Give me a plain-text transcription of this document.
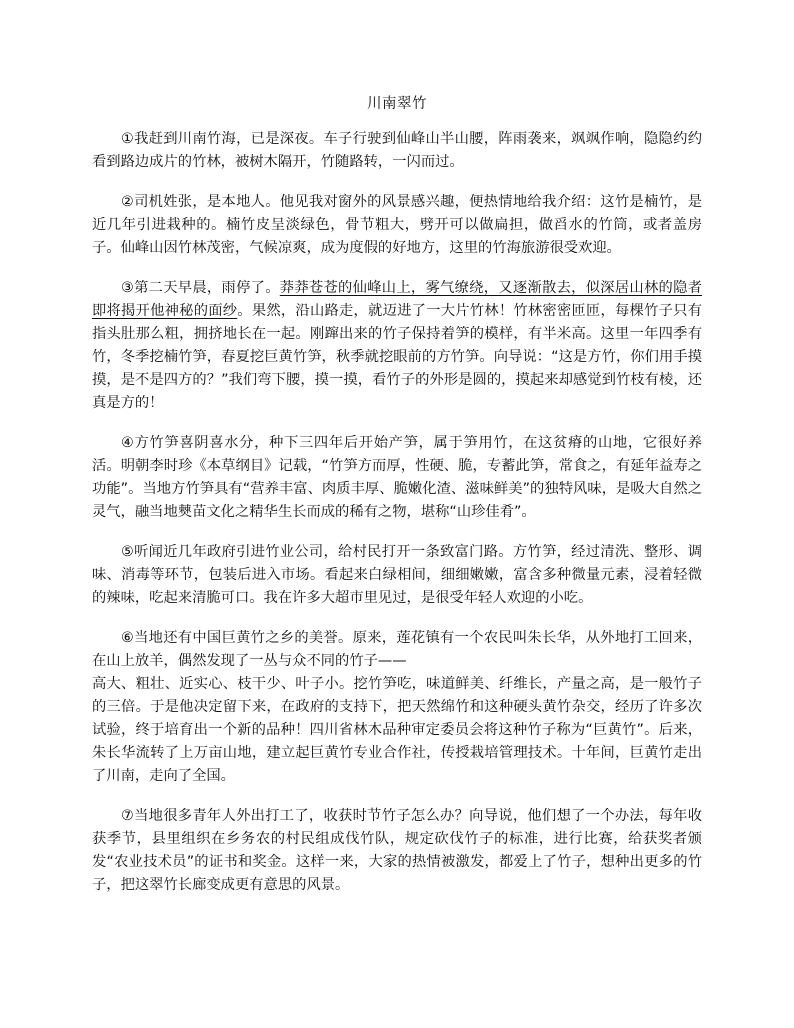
川南翠竹

①我赶到川南竹海，已是深夜。车子行驶到仙峰山半山腰，阵雨袭来，飒飒作响，隐隐约约看到路边成片的竹林，被树木隔开，竹随路转，一闪而过。

②司机姓张，是本地人。他见我对窗外的风景感兴趣，便热情地给我介绍：这竹是楠竹，是近几年引进栽种的。楠竹皮呈淡绿色，骨节粗大，劈开可以做扁担，做舀水的竹筒，或者盖房子。仙峰山因竹林茂密，气候凉爽，成为度假的好地方，这里的竹海旅游很受欢迎。

③第二天早晨，雨停了。莽莽苍苍的仙峰山上，雾气缭绕，又逐渐散去，似深居山林的隐者即将揭开他神秘的面纱。果然，沿山路走，就迈进了一大片竹林！竹林密密匝匝，每棵竹子只有指头肚那么粗，拥挤地长在一起。刚蹿出来的竹子保持着笋的模样，有半米高。这里一年四季有竹，冬季挖楠竹笋，春夏挖巨黄竹笋，秋季就挖眼前的方竹笋。向导说：“这是方竹，你们用手摸摸，是不是四方的？”我们弯下腰，摸一摸，看竹子的外形是圆的，摸起来却感觉到竹枝有棱，还真是方的！

④方竹笋喜阴喜水分，种下三四年后开始产笋，属于笋用竹，在这贫瘠的山地，它很好养活。明朝李时珍《本草纲目》记载，“竹笋方而厚，性硬、脆，专蓄此笋，常食之，有延年益寿之功能”。当地方竹笋具有“营养丰富、肉质丰厚、脆嫩化渣、滋味鲜美”的独特风味，是吸大自然之灵气，融当地僰苗文化之精华生长而成的稀有之物，堪称“山珍佳肴”。

⑤听闻近几年政府引进竹业公司，给村民打开一条致富门路。方竹笋，经过清洗、整形、调味、消毒等环节，包装后进入市场。看起来白绿相间，细细嫩嫩，富含多种微量元素，浸着轻微的辣味，吃起来清脆可口。我在许多大超市里见过，是很受年轻人欢迎的小吃。

⑥当地还有中国巨黄竹之乡的美誉。原来，莲花镇有一个农民叫朱长华，从外地打工回来，在山上放羊，偶然发现了一丛与众不同的竹子——
高大、粗壮、近实心、枝干少、叶子小。挖竹笋吃，味道鲜美、纤维长，产量之高，是一般竹子的三倍。于是他决定留下来，在政府的支持下，把天然绵竹和这种硬头黄竹杂交，经历了许多次试验，终于培育出一个新的品种！四川省林木品种审定委员会将这种竹子称为“巨黄竹”。后来，朱长华流转了上万亩山地，建立起巨黄竹专业合作社，传授栽培管理技术。十年间，巨黄竹走出了川南，走向了全国。

⑦当地很多青年人外出打工了，收获时节竹子怎么办？向导说，他们想了一个办法，每年收获季节，县里组织在乡务农的村民组成伐竹队，规定砍伐竹子的标准，进行比赛，给获奖者颁发“农业技术员”的证书和奖金。这样一来，大家的热情被激发，都爱上了竹子，想种出更多的竹子，把这翠竹长廊变成更有意思的风景。
